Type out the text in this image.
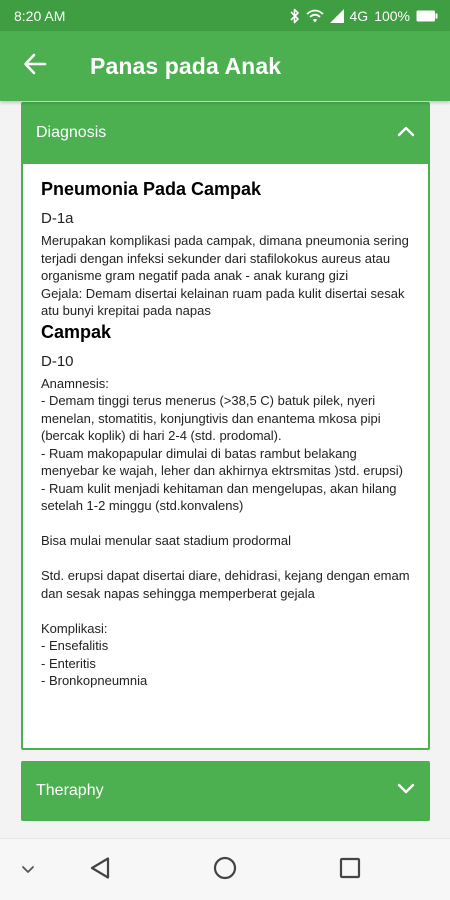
8:20 AM	4G 100%
Panas pada Anak
Diagnosis
Pneumonia Pada Campak
D-1a
Merupakan komplikasi pada campak, dimana pneumonia sering terjadi dengan infeksi sekunder dari stafilokokus aureus atau organisme gram negatif pada anak - anak kurang gizi
Gejala: Demam disertai kelainan ruam pada kulit disertai sesak atu bunyi krepitai pada napas
Campak
D-10
Anamnesis:
- Demam tinggi terus menerus (>38,5 C) batuk pilek, nyeri menelan, stomatitis, konjungtivis dan enantema mkosa pipi (bercak koplik) di hari 2-4 (std. prodomal).
- Ruam makopapular dimulai di batas rambut belakang menyebar ke wajah, leher dan akhirnya ektrsmitas )std. erupsi)
- Ruam kulit menjadi kehitaman dan mengelupas, akan hilang setelah 1-2 minggu (std.konvalens)

Bisa mulai menular saat stadium prodormal

Std. erupsi dapat disertai diare, dehidrasi, kejang dengan emam dan sesak napas sehingga memperberat gejala

Komplikasi:
- Ensefalitis
- Enteritis
- Bronkopneumnia
Theraphy
